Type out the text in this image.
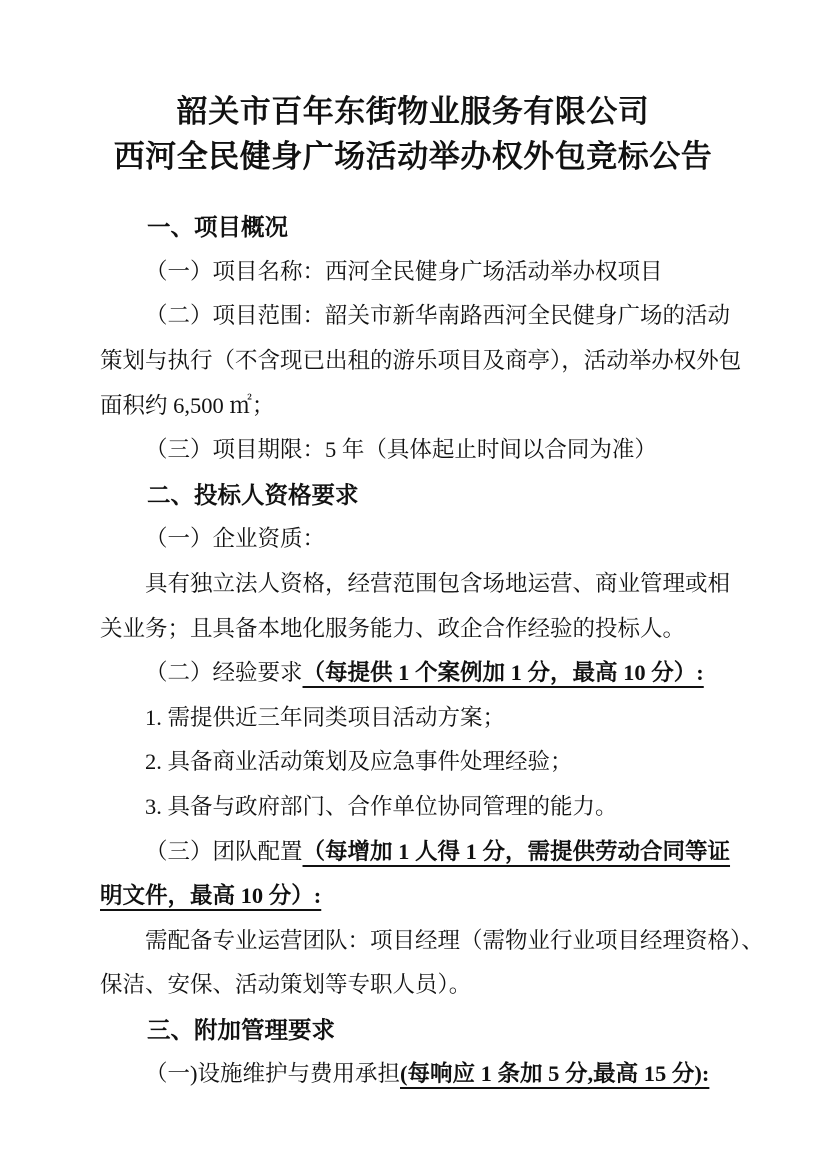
韶关市百年东街物业服务有限公司
西河全民健身广场活动举办权外包竞标公告
一、项目概况
（一）项目名称：西河全民健身广场活动举办权项目
（二）项目范围：韶关市新华南路西河全民健身广场的活动
策划与执行（不含现已出租的游乐项目及商亭），活动举办权外包
面积约 6,500 ㎡；
（三）项目期限：5 年（具体起止时间以合同为准）
二、投标人资格要求
（一）企业资质：
具有独立法人资格，经营范围包含场地运营、商业管理或相
关业务；且具备本地化服务能力、政企合作经验的投标人。
（二）经验要求（每提供 1 个案例加 1 分，最高 10 分）:
1. 需提供近三年同类项目活动方案；
2. 具备商业活动策划及应急事件处理经验；
3. 具备与政府部门、合作单位协同管理的能力。
（三）团队配置（每增加 1 人得 1 分，需提供劳动合同等证
明文件，最高 10 分）:
需配备专业运营团队：项目经理（需物业行业项目经理资格）、
保洁、安保、活动策划等专职人员）。
三、附加管理要求
（一)设施维护与费用承担(每响应 1 条加 5 分,最高 15 分):
